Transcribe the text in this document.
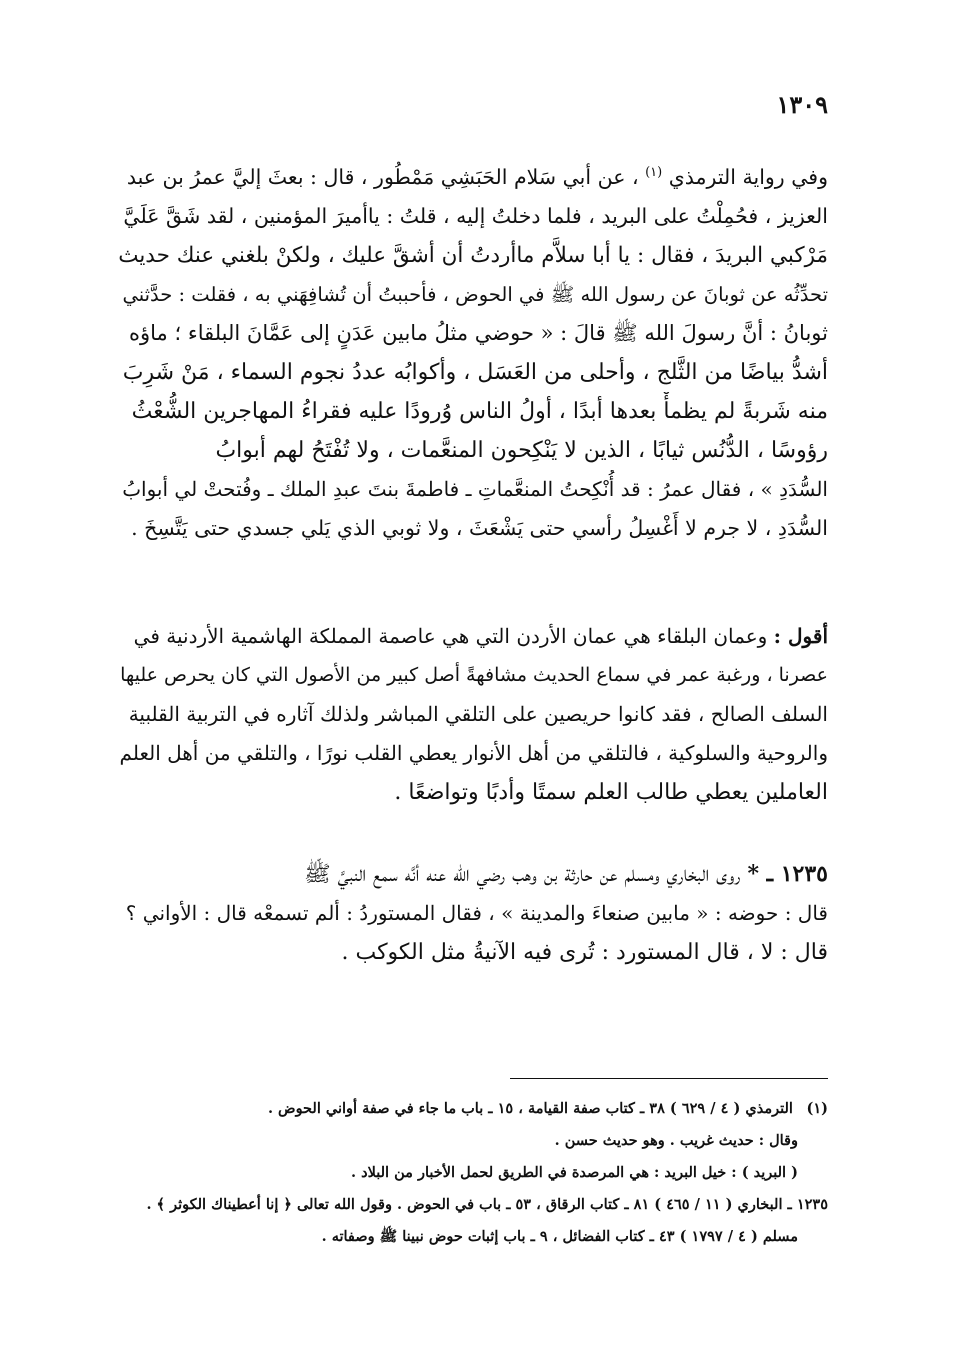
١٣٠٩
وفي رواية الترمذي $^{(١)}$ ، عن أبي سَلام الحَبَشِي مَمْطُور ، قال : بعثَ إليَّ عمرُ بن عبد
العزيز ، فحُمِلْتُ على البريد ، فلما دخلتُ إليه ، قلتُ : ياأميرَ المؤمنين ، لقد شَقَّ عَلَيَّ
مَرْكبي البريدَ ، فقال : يا أبا سلاَّم ماأردتُ أن أشقَّ عليك ، ولكنْ بلغني عنك حديث
تحدِّثُه عن ثوبانَ عن رسول الله ﷺ في الحوض ، فأحببتُ أن تُشافِهَني به ، فقلت : حدَّثني
ثوبانُ : أنَّ رسولَ الله ﷺ قالَ : « حوضي مثلُ مابين عَدَنٍ إلى عَمَّانَ البلقاء ؛ ماؤه
أشدُّ بياضًا من الثَّلج ، وأحلى من العَسَل ، وأكوابُه عددُ نجوم السماء ، مَنْ شَرِبَ
منه شَربةً لم يظمأْ بعدها أبدًا ، أولُ الناس وُرودًا عليه فقراءُ المهاجرين الشُّعْثُ
رؤوسًا ، الدُّنُس ثيابًا ، الذين لا يَنْكِحون المنعَّمات ، ولا تُفْتَحُ لهم أبوابُ
السُّدَدِ » ، فقال عمرُ : قد أُنْكِحتُ المنعَّماتِ ـ فاطمةَ بنتَ عبدِ الملك ـ وفُتحتْ لي أبوابُ
السُّدَدِ ، لا جرم لا أَغْسِلُ رأسي حتى يَشْعَثَ ، ولا ثوبي الذي يَلي جسدي حتى يَتَّسِخَ .
أقول : وعمان البلقاء هي عمان الأردن التي هي عاصمة المملكة الهاشمية الأردنية في
عصرنا ، ورغبة عمر في سماع الحديث مشافهةً أصل كبير من الأصول التي كان يحرص عليها
السلف الصالح ، فقد كانوا حريصين على التلقي المباشر ولذلك آثاره في التربية القلبية
والروحية والسلوكية ، فالتلقي من أهل الأنوار يعطي القلب نورًا ، والتلقي من أهل العلم
العاملين يعطي طالب العلم سمتًا وأدبًا وتواضعًا .
١٢٣٥ ـ * روى البخاري ومسلم عن حارثة بن وهب رضي الله عنه أنَّه سمع النبيَّ ﷺ
قال : حوضه : « مابين صنعاءَ والمدينة » ، فقال المستوردُ : ألم تسمعْه قال : الأواني ؟
قال : لا ، قال المستورد : تُرى فيه الآنيةُ مثل الكوكب .
(١) الترمذي ( ٤ / ٦٢٩ ) ٣٨ ـ كتاب صفة القيامة ، ١٥ ـ باب ما جاء في صفة أواني الحوض .
وقال : حديث غريب . وهو حديث حسن .
( البريد ) : خيل البريد : هي المرصدة في الطريق لحمل الأخبار من البلاد .
١٢٣٥ ـ البخاري ( ١١ / ٤٦٥ ) ٨١ ـ كتاب الرقاق ، ٥٣ ـ باب في الحوض . وقول الله تعالى ﴿ إنا أعطيناك الكوثر ﴾ .
مسلم ( ٤ / ١٧٩٧ ) ٤٣ ـ كتاب الفضائل ، ٩ ـ باب إثبات حوض نبينا ﷺ وصفاته .
